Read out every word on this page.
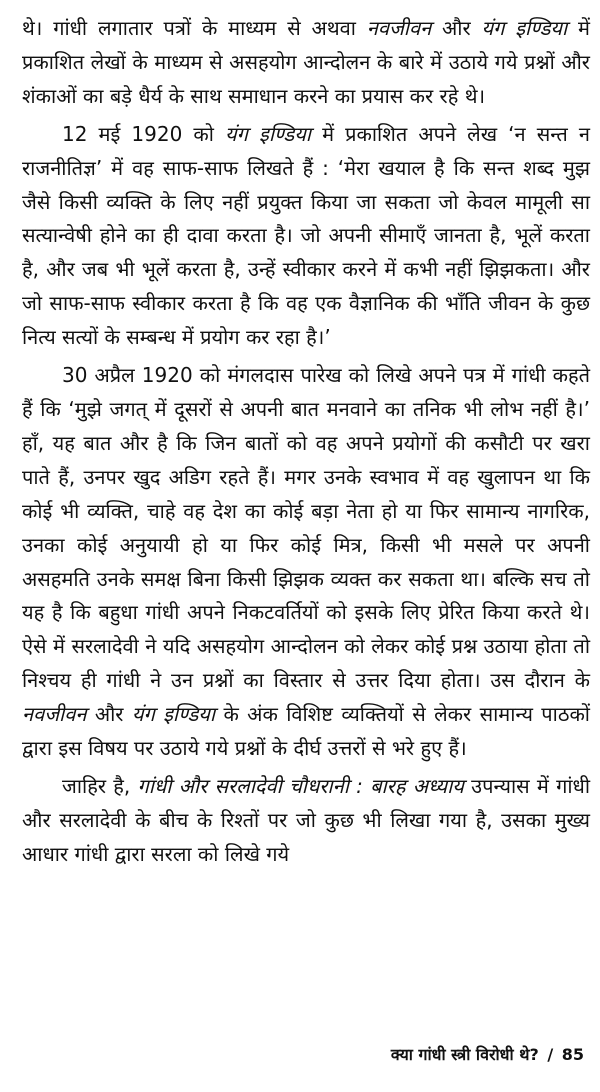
थे। गांधी लगातार पत्रों के माध्यम से अथवा नवजीवन और यंग इण्डिया में प्रकाशित लेखों के माध्यम से असहयोग आन्दोलन के बारे में उठाये गये प्रश्नों और शंकाओं का बड़े धैर्य के साथ समाधान करने का प्रयास कर रहे थे।

12 मई 1920 को यंग इण्डिया में प्रकाशित अपने लेख ‘न सन्त न राजनीतिज्ञ’ में वह साफ-साफ लिखते हैं : ‘मेरा खयाल है कि सन्त शब्द मुझ जैसे किसी व्यक्ति के लिए नहीं प्रयुक्त किया जा सकता जो केवल मामूली सा सत्यान्वेषी होने का ही दावा करता है। जो अपनी सीमाएँ जानता है, भूलें करता है, और जब भी भूलें करता है, उन्हें स्वीकार करने में कभी नहीं झिझकता। और जो साफ-साफ स्वीकार करता है कि वह एक वैज्ञानिक की भाँति जीवन के कुछ नित्य सत्यों के सम्बन्ध में प्रयोग कर रहा है।’

30 अप्रैल 1920 को मंगलदास पारेख को लिखे अपने पत्र में गांधी कहते हैं कि ‘मुझे जगत् में दूसरों से अपनी बात मनवाने का तनिक भी लोभ नहीं है।’ हाँ, यह बात और है कि जिन बातों को वह अपने प्रयोगों की कसौटी पर खरा पाते हैं, उनपर खुद अडिग रहते हैं। मगर उनके स्वभाव में वह खुलापन था कि कोई भी व्यक्ति, चाहे वह देश का कोई बड़ा नेता हो या फिर सामान्य नागरिक, उनका कोई अनुयायी हो या फिर कोई मित्र, किसी भी मसले पर अपनी असहमति उनके समक्ष बिना किसी झिझक व्यक्त कर सकता था। बल्कि सच तो यह है कि बहुधा गांधी अपने निकटवर्तियों को इसके लिए प्रेरित किया करते थे। ऐसे में सरलादेवी ने यदि असहयोग आन्दोलन को लेकर कोई प्रश्न उठाया होता तो निश्चय ही गांधी ने उन प्रश्नों का विस्तार से उत्तर दिया होता। उस दौरान के नवजीवन और यंग इण्डिया के अंक विशिष्ट व्यक्तियों से लेकर सामान्य पाठकों द्वारा इस विषय पर उठाये गये प्रश्नों के दीर्घ उत्तरों से भरे हुए हैं।

जाहिर है, गांधी और सरलादेवी चौधरानी : बारह अध्याय उपन्यास में गांधी और सरलादेवी के बीच के रिश्तों पर जो कुछ भी लिखा गया है, उसका मुख्य आधार गांधी द्वारा सरला को लिखे गये

क्या गांधी स्त्री विरोधी थे? / 85
